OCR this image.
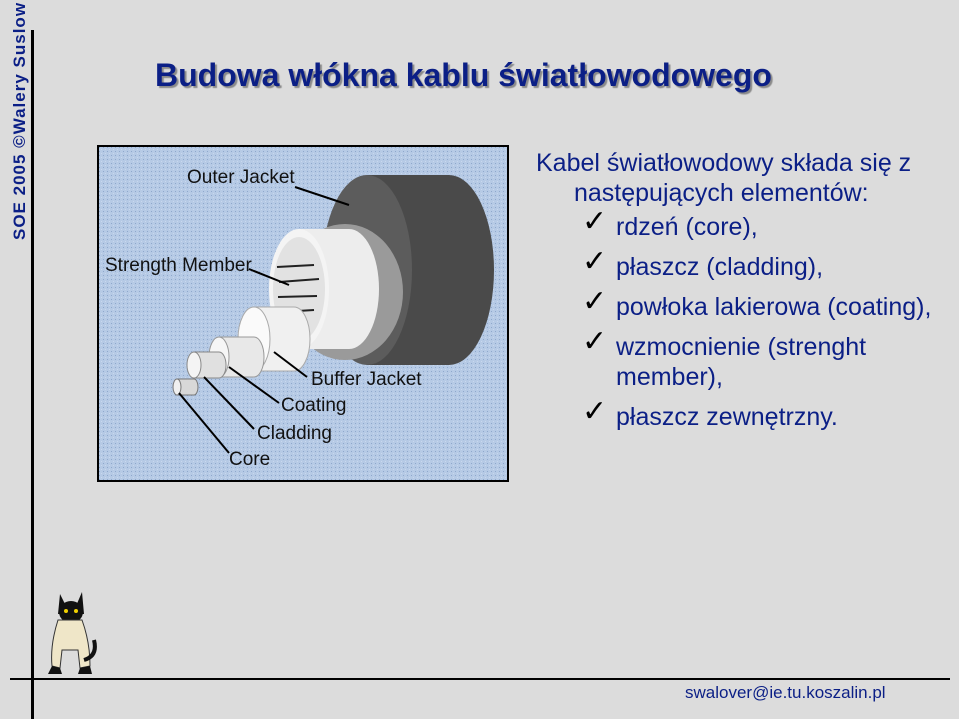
SOE 2005 ©Walery Suslow	Budowa włókna kablu światłowodowego
Outer Jacket
Strength Member
Buffer Jacket
Coating
Cladding
Core

Kabel światłowodowy składa się z

następujących elementów:

✓ rdzeń (core),
✓ płaszcz (cladding),
✓ powłoka lakierowa (coating),
✓ wzmocnienie (strenght member),
✓ płaszcz zewnętrzny.
swalover@ie.tu.koszalin.pl
